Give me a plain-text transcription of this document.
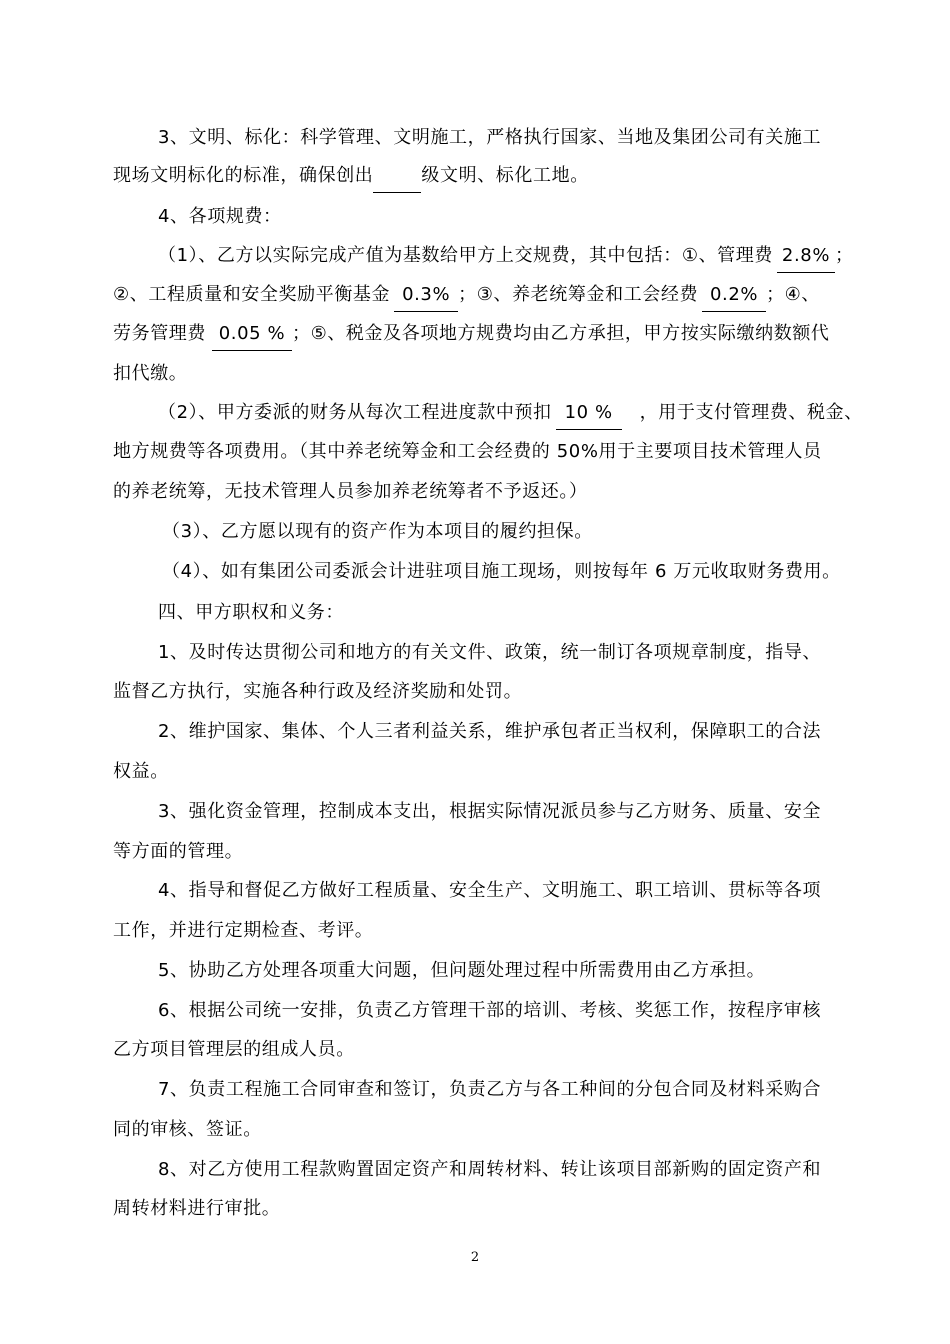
3、文明、标化：科学管理、文明施工，严格执行国家、当地及集团公司有关施工
现场文明标化的标准，确保创出	级文明、标化工地。
4、各项规费：
（1）、乙方以实际完成产值为基数给甲方上交规费，其中包括：①、管理费 2.8% ；
②、工程质量和安全奖励平衡基金 0.3% ；③、养老统筹金和工会经费 0.2% ；④、
劳务管理费 0.05 % ；⑤、税金及各项地方规费均由乙方承担，甲方按实际缴纳数额代
扣代缴。
（2）、甲方委派的财务从每次工程进度款中预扣 10 % ，用于支付管理费、税金、
地方规费等各项费用。（其中养老统筹金和工会经费的 50%用于主要项目技术管理人员
的养老统筹，无技术管理人员参加养老统筹者不予返还。）
（3）、乙方愿以现有的资产作为本项目的履约担保。
（4）、如有集团公司委派会计进驻项目施工现场，则按每年 6 万元收取财务费用。
四、甲方职权和义务：
1、及时传达贯彻公司和地方的有关文件、政策，统一制订各项规章制度，指导、
监督乙方执行，实施各种行政及经济奖励和处罚。
2、维护国家、集体、个人三者利益关系，维护承包者正当权利，保障职工的合法
权益。
3、强化资金管理，控制成本支出，根据实际情况派员参与乙方财务、质量、安全
等方面的管理。
4、指导和督促乙方做好工程质量、安全生产、文明施工、职工培训、贯标等各项
工作，并进行定期检查、考评。
5、协助乙方处理各项重大问题，但问题处理过程中所需费用由乙方承担。
6、根据公司统一安排，负责乙方管理干部的培训、考核、奖惩工作，按程序审核
乙方项目管理层的组成人员。
7、负责工程施工合同审查和签订，负责乙方与各工种间的分包合同及材料采购合
同的审核、签证。
8、对乙方使用工程款购置固定资产和周转材料、转让该项目部新购的固定资产和
周转材料进行审批。
2
